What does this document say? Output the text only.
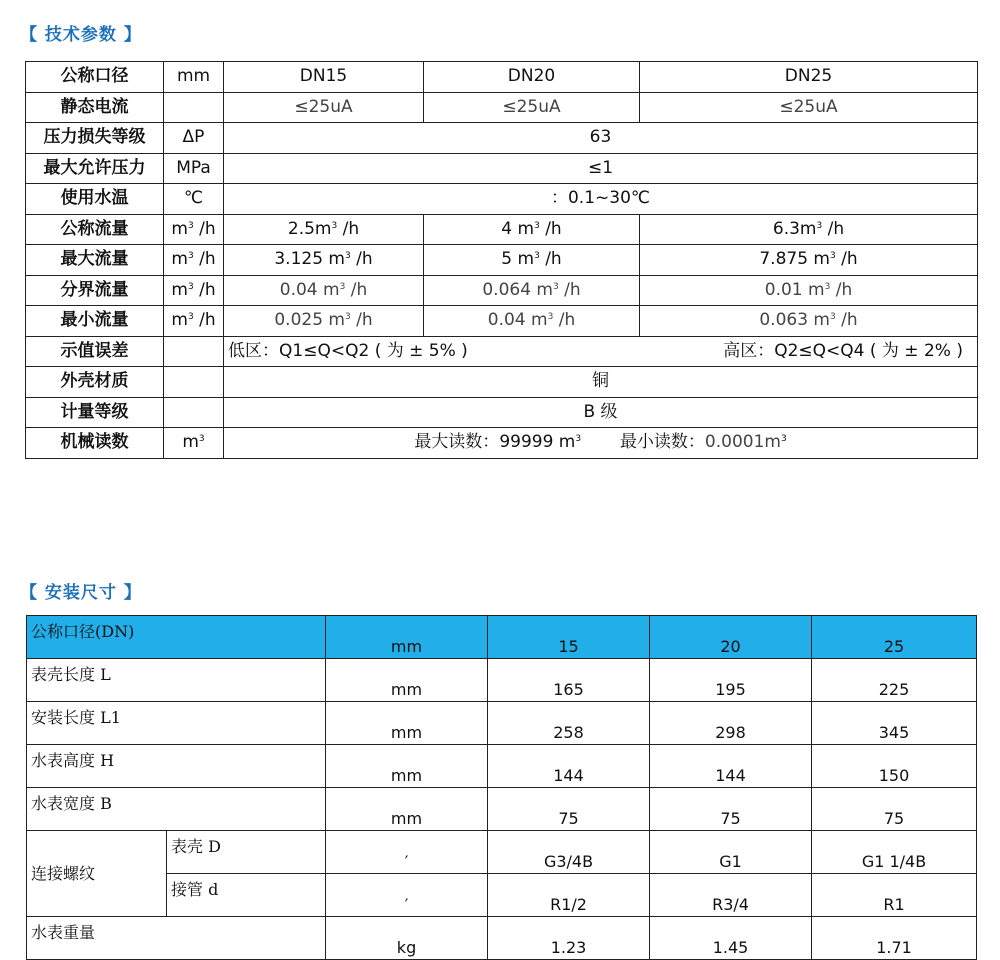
【 技术参数 】
公称口径	mm	DN15	DN20	DN25
静态电流		≤25uA	≤25uA	≤25uA
压力损失等级	ΔP	63		
最大允许压力	MPa	≤1		
使用水温	℃	：0.1~30℃		
公称流量	$m^3$ /h	$2.5m^3$ /h	4 $m^3$ /h	$6.3m^3$ /h
最大流量	$m^3$ /h	3.125 $m^3$ /h	5 $m^3$ /h	7.875 $m^3$ /h
分界流量	$m^3$ /h	0.04 $m^3$ /h	0.064 $m^3$ /h	0.01 $m^3$ /h
最小流量	$m^3$ /h	0.025 $m^3$ /h	0.04 $m^3$ /h	0.063 $m^3$ /h
示值误差		低区：Q1≤Q<Q2 ( 为 ± 5% ) 高区：Q2≤Q<Q4 ( 为 ± 2% )		
外壳材质		铜		
计量等级		B 级		
机械读数	$m^3$	最大读数：99999 $m^3$ 最小读数：$0.0001m^3$
【 安装尺寸 】
公称口径(DN)		mm	15	20	25
表壳长度 L		mm	165	195	225
安装长度 L1		mm	258	298	345
水表高度 H		mm	144	144	150
水表宽度 B		mm	75	75	75
连接螺纹	表壳 D	′	G3/4B	G1	G1 1/4B
	接管 d	′	R1/2	R3/4	R1
水表重量		kg	1.23	1.45	1.71
